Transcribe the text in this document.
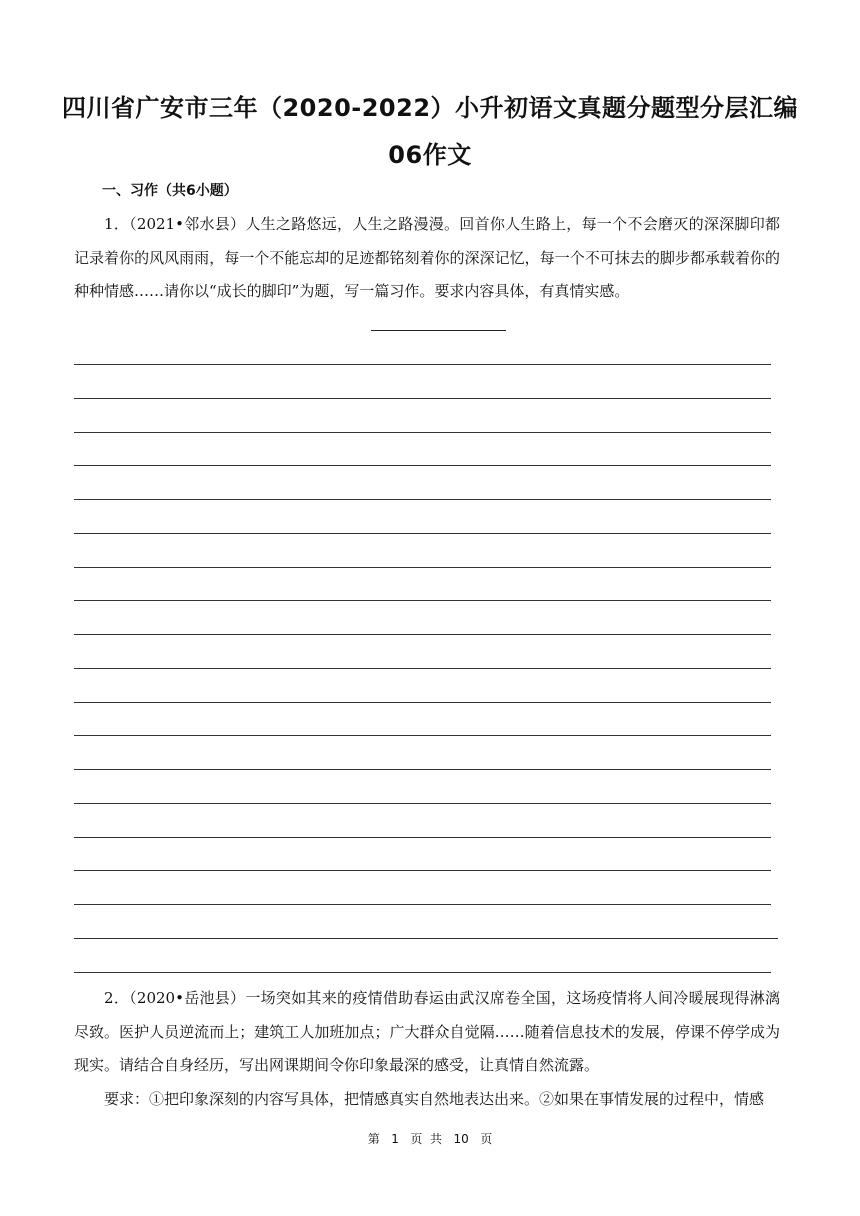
四川省广安市三年（2020-2022）小升初语文真题分题型分层汇编
06作文
一、习作（共6小题）
1．（2021•邻水县）人生之路悠远，人生之路漫漫。回首你人生路上，每一个不会磨灭的深深脚印都记录着你的风风雨雨，每一个不能忘却的足迹都铭刻着你的深深记忆，每一个不可抹去的脚步都承载着你的种种情感……请你以“成长的脚印”为题，写一篇习作。要求内容具体，有真情实感。
2．（2020•岳池县）一场突如其来的疫情借助春运由武汉席卷全国，这场疫情将人间冷暖展现得淋漓尽致。医护人员逆流而上；建筑工人加班加点；广大群众自觉隔……随着信息技术的发展，停课不停学成为现实。请结合自身经历，写出网课期间令你印象最深的感受，让真情自然流露。
要求：①把印象深刻的内容写具体，把情感真实自然地表达出来。②如果在事情发展的过程中，情感
第 1 页  共 10 页
